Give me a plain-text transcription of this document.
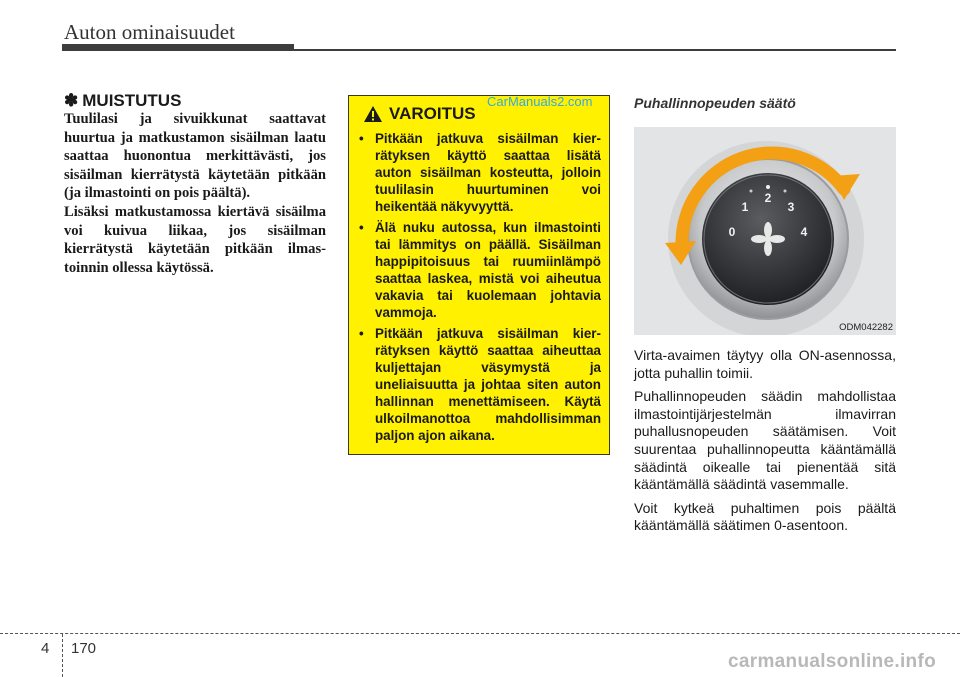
Auton ominaisuudet
✽ MUISTUTUS

Tuulilasi ja sivuikkunat saattavat huurtua ja matkustamon sisäilman laatu saattaa huonontua merkittävästi, jos sisäilman kierrätystä käytetään pitkään (ja ilmastointi on pois päältä).

Lisäksi matkustamossa kiertävä sisäilma voi kuivua liikaa, jos sisäilman kierrätystä käytetään pitkään ilmastoinnin ollessa käytössä.

VAROITUS
• Pitkään jatkuva sisäilman kierrätyksen käyttö saattaa lisätä auton sisäilman kosteutta, jolloin tuulilasin huurtuminen voi heikentää näkyvyyttä.
• Älä nuku autossa, kun ilmastointi tai lämmitys on päällä. Sisäilman happipitoisuus tai ruumiinlämpö saattaa laskea, mistä voi aiheutua vakavia tai kuolemaan johtavia vammoja.
• Pitkään jatkuva sisäilman kierrätyksen käyttö saattaa aiheuttaa kuljettajan väsymystä ja uneliaisuutta ja johtaa siten auton hallinnan menettämiseen. Käytä ulkoilmanottoa mahdollisimman paljon ajon aikana.
CarManuals2.com	Puhallinnopeuden säätö
0
1
2
3
4
ODM042282

Virta-avaimen täytyy olla ON-asennossa, jotta puhallin toimii.

Puhallinnopeuden säädin mahdollistaa ilmastointijärjestelmän ilmavirran puhallusnopeuden säätämisen. Voit suurentaa puhallinnopeutta kääntämällä säädintä oikealle tai pienentää sitä kääntämällä säädintä vasemmalle.

Voit kytkeä puhaltimen pois päältä kääntämällä säätimen 0-asentoon.

4 170
carmanualsonline.info
